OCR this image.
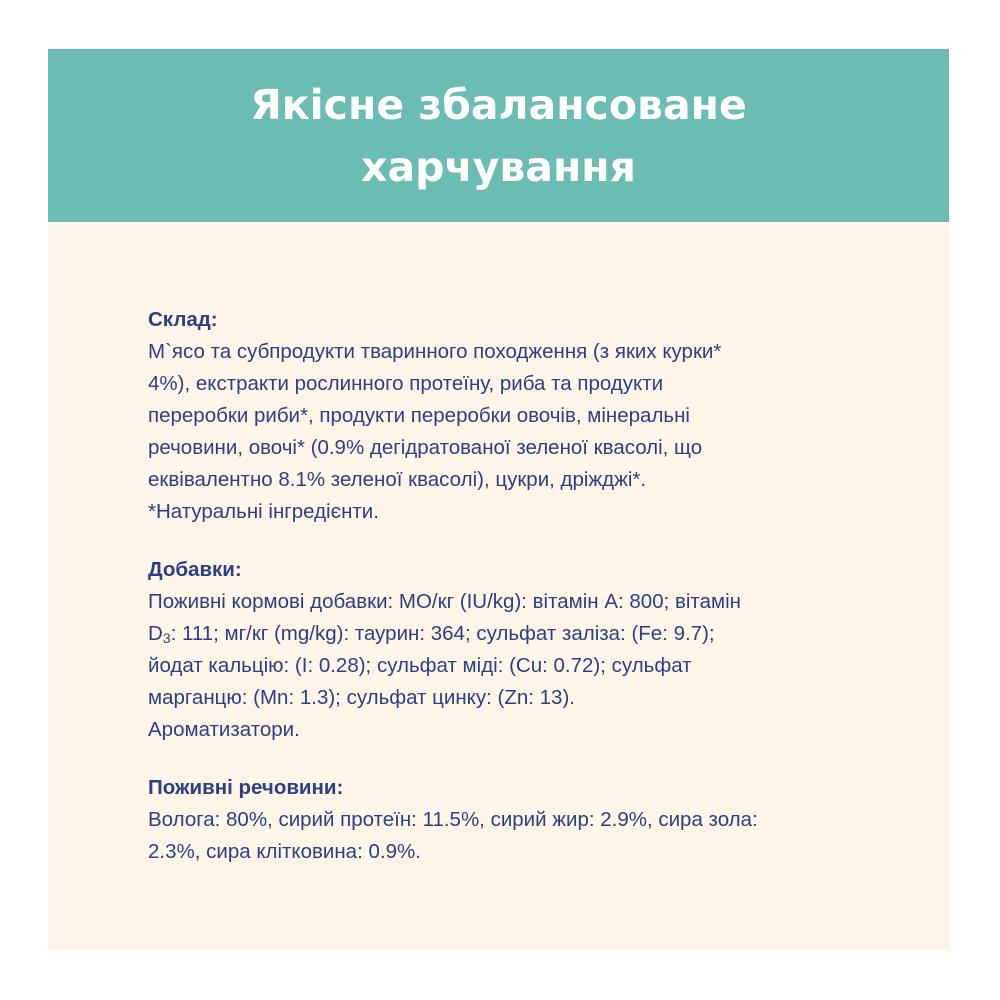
Якісне збалансоване
харчування
Склад:
М`ясо та субпродукти тваринного походження (з яких курки*
4%), екстракти рослинного протеїну, риба та продукти
переробки риби*, продукти переробки овочів, мінеральні
речовини, овочі* (0.9% дегідратованої зеленої квасолі, що
еквівалентно 8.1% зеленої квасолі), цукри, дріжджі*.
*Натуральні інгредієнти.
Добавки:
Поживні кормові добавки: МО/кг (IU/kg): вітамін А: 800; вітамін
$D_3$: 111; мг/кг (mg/kg): таурин: 364; сульфат заліза: (Fe: 9.7);
йодат кальцію: (I: 0.28); сульфат міді: (Cu: 0.72); сульфат
марганцю: (Mn: 1.3); сульфат цинку: (Zn: 13).
Ароматизатори.
Поживні речовини:
Волога: 80%, сирий протеїн: 11.5%, сирий жир: 2.9%, сира зола:
2.3%, сира клітковина: 0.9%.
